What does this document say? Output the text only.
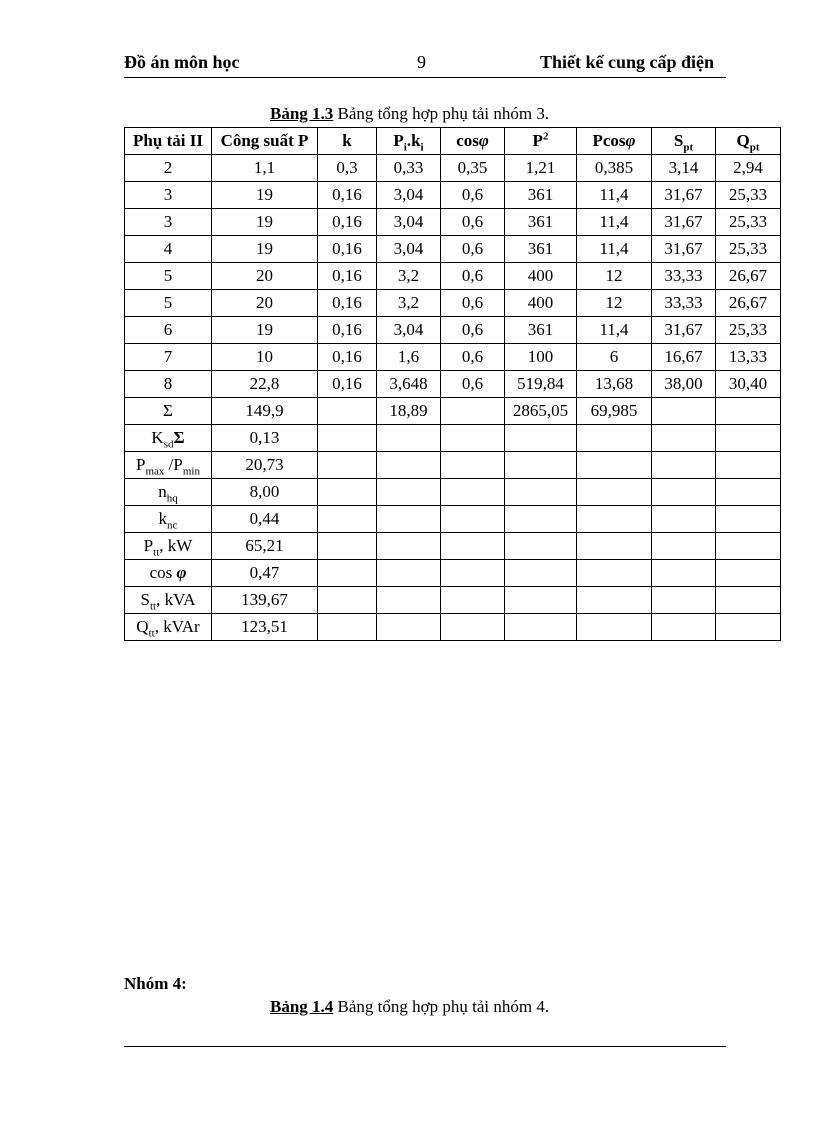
Đồ án môn học	9	Thiết kế cung cấp điện
Bảng 1.3 Bảng tổng hợp phụ tải nhóm 3.
Phụ tải II	Công suất P	k	$P_i.k_i$	cosφ	$P^2$	Pcosφ	$S_{pt}$	$Q_{pt}$
2	1,1	0,3	0,33	0,35	1,21	0,385	3,14	2,94
3	19	0,16	3,04	0,6	361	11,4	31,67	25,33
3	19	0,16	3,04	0,6	361	11,4	31,67	25,33
4	19	0,16	3,04	0,6	361	11,4	31,67	25,33
5	20	0,16	3,2	0,6	400	12	33,33	26,67
5	20	0,16	3,2	0,6	400	12	33,33	26,67
6	19	0,16	3,04	0,6	361	11,4	31,67	25,33
7	10	0,16	1,6	0,6	100	6	16,67	13,33
8	22,8	0,16	3,648	0,6	519,84	13,68	38,00	30,40
Σ	149,9		18,89		2865,05	69,985		
$K_{sd}\Sigma$	0,13							
$P_{max}$ $/P_{min}$	20,73							
$n_{hq}$	8,00							
$k_{nc}$	0,44							
$P_{tt}$, kW	65,21							
cos φ	0,47							
$S_{tt}$, kVA	139,67							
$Q_{tt}$, kVAr	123,51							
Nhóm 4:
Bảng 1.4 Bảng tổng hợp phụ tải nhóm 4.
